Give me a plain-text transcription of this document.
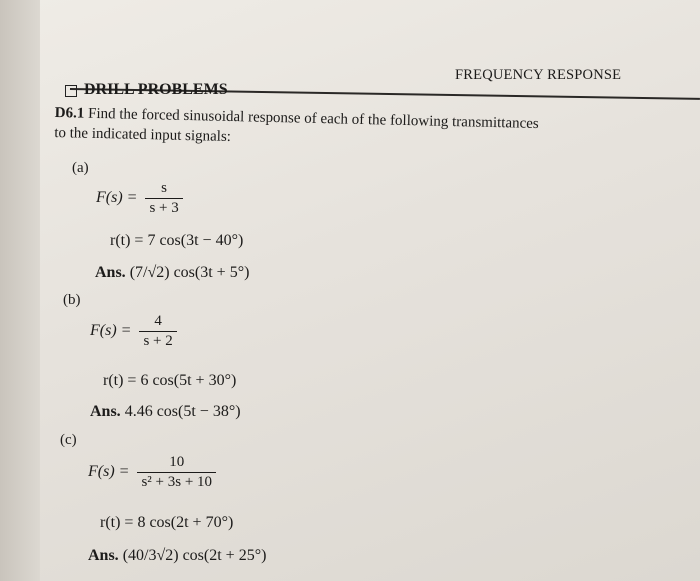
FREQUENCY RESPONSE
DRILL PROBLEMS
D6.1 Find the forced sinusoidal response of each of the following transmittances
to the indicated input signals:
(a)
$F(s) = \frac{s}{s + 3}$
r(t) = 7 cos(3t − 40°)
Ans. (7/√2) cos(3t + 5°)
(b)
$F(s) = \frac{4}{s + 2}$
r(t) = 6 cos(5t + 30°)
Ans. 4.46 cos(5t − 38°)
(c)
$F(s) = \frac{10}{\text{s² + 3s + 10}}$
r(t) = 8 cos(2t + 70°)
Ans. (40/3√2) cos(2t + 25°)
